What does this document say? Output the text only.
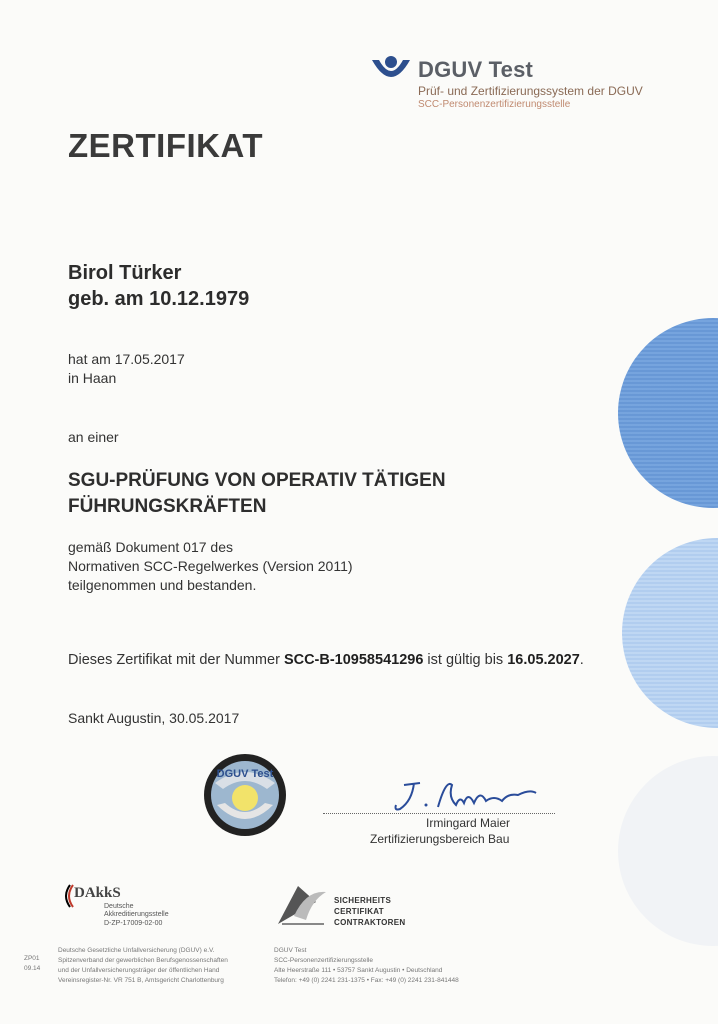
DGUV Test
Prüf- und Zertifizierungssystem der DGUV
SCC-Personenzertifizierungsstelle
ZERTIFIKAT
Birol Türker
geb. am 10.12.1979
hat am 17.05.2017
in Haan
an einer
SGU-PRÜFUNG VON OPERATIV TÄTIGEN
FÜHRUNGSKRÄFTEN
gemäß Dokument 017 des
Normativen SCC-Regelwerkes (Version 2011)
teilgenommen und bestanden.
Dieses Zertifikat mit der Nummer SCC-B-10958541296 ist gültig bis 16.05.2027.
Sankt Augustin, 30.05.2017
DGUV Test
Irmingard Maier
Zertifizierungsbereich Bau
DAkkS
Deutsche
Akkreditierungsstelle
D-ZP-17009-02-00
SICHERHEITS
CERTIFIKAT
CONTRAKTOREN
ZP01
09.14
Deutsche Gesetzliche Unfallversicherung (DGUV) e.V.
Spitzenverband der gewerblichen Berufsgenossenschaften
und der Unfallversicherungsträger der öffentlichen Hand
Vereinsregister-Nr. VR 751 B, Amtsgericht Charlottenburg
DGUV Test
SCC-Personenzertifizierungsstelle
Alte Heerstraße 111 • 53757 Sankt Augustin • Deutschland
Telefon: +49 (0) 2241 231-1375 • Fax: +49 (0) 2241 231-841448
